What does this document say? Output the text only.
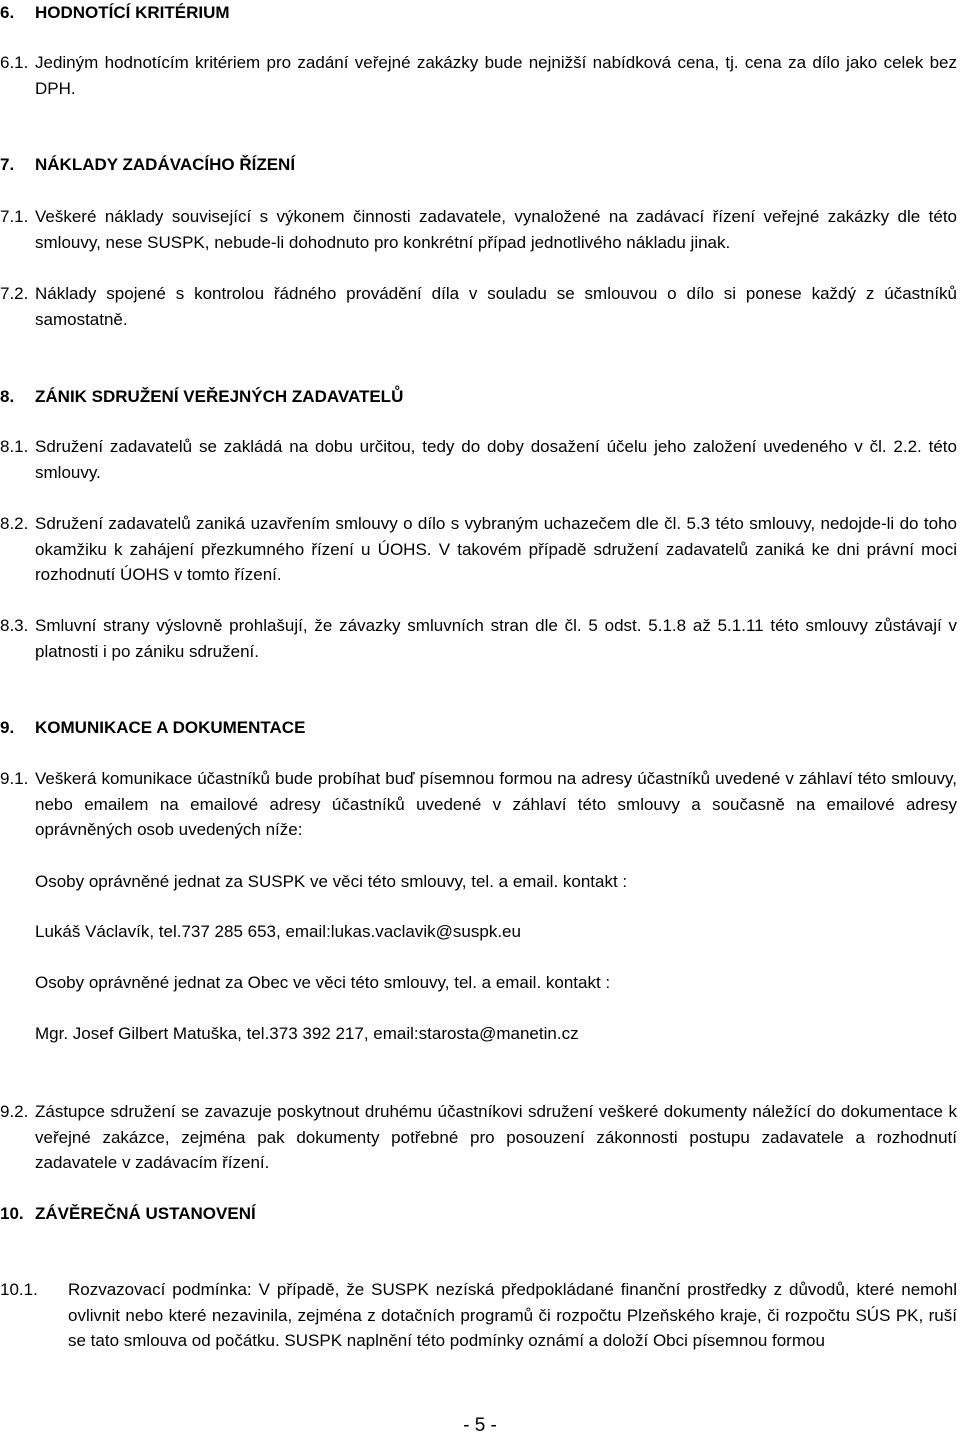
6. HODNOTÍCÍ KRITÉRIUM
6.1. Jediným hodnotícím kritériem pro zadání veřejné zakázky bude nejnižší nabídková cena, tj. cena za dílo jako celek bez DPH.
7. NÁKLADY ZADÁVACÍHO ŘÍZENÍ
7.1. Veškeré náklady související s výkonem činnosti zadavatele, vynaložené na zadávací řízení veřejné zakázky dle této smlouvy, nese SUSPK, nebude-li dohodnuto pro konkrétní případ jednotlivého nákladu jinak.
7.2. Náklady spojené s kontrolou řádného provádění díla v souladu se smlouvou o dílo si ponese každý z účastníků samostatně.
8. ZÁNIK SDRUŽENÍ VEŘEJNÝCH ZADAVATELŮ
8.1. Sdružení zadavatelů se zakládá na dobu určitou, tedy do doby dosažení účelu jeho založení uvedeného v čl. 2.2. této smlouvy.
8.2. Sdružení zadavatelů zaniká uzavřením smlouvy o dílo s vybraným uchazečem dle čl. 5.3 této smlouvy, nedojde-li do toho okamžiku k zahájení přezkumného řízení u ÚOHS. V takovém případě sdružení zadavatelů zaniká ke dni právní moci rozhodnutí ÚOHS v tomto řízení.
8.3. Smluvní strany výslovně prohlašují, že závazky smluvních stran dle čl. 5 odst. 5.1.8 až 5.1.11 této smlouvy zůstávají v platnosti i po zániku sdružení.
9. KOMUNIKACE A DOKUMENTACE
9.1. Veškerá komunikace účastníků bude probíhat buď písemnou formou na adresy účastníků uvedené v záhlaví této smlouvy, nebo emailem na emailové adresy účastníků uvedené v záhlaví této smlouvy a současně na emailové adresy oprávněných osob uvedených níže:
Osoby oprávněné jednat za SUSPK ve věci této smlouvy, tel. a email. kontakt :
Lukáš Václavík, tel.737 285 653, email:lukas.vaclavik@suspk.eu
Osoby oprávněné jednat za Obec ve věci této smlouvy, tel. a email. kontakt :
Mgr. Josef Gilbert Matuška, tel.373 392 217, email:starosta@manetin.cz
9.2. Zástupce sdružení se zavazuje poskytnout druhému účastníkovi sdružení veškeré dokumenty náležící do dokumentace k veřejné zakázce, zejména pak dokumenty potřebné pro posouzení zákonnosti postupu zadavatele a rozhodnutí zadavatele v zadávacím řízení.
10. ZÁVĚREČNÁ USTANOVENÍ
10.1. Rozvazovací podmínka: V případě, že SUSPK nezíská předpokládané finanční prostředky z důvodů, které nemohl ovlivnit nebo které nezavinila, zejména z dotačních programů či rozpočtu Plzeňského kraje, či rozpočtu SÚS PK, ruší se tato smlouva od počátku. SUSPK naplnění této podmínky oznámí a doloží Obci písemnou formou
- 5 -
